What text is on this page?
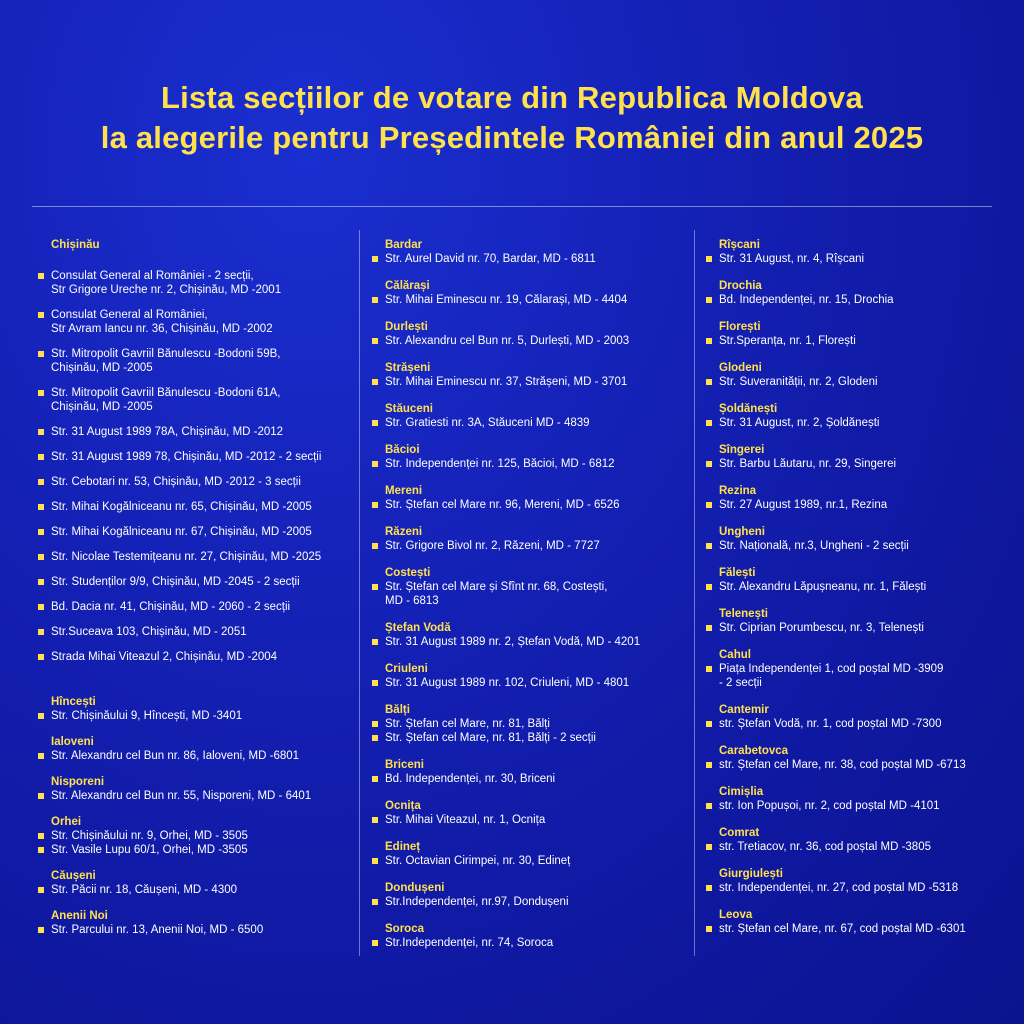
Lista secțiilor de votare din Republica Moldova
la alegerile pentru Președintele României din anul 2025
Chișinău
Consulat General al României - 2 secții,
Str Grigore Ureche nr. 2, Chișinău, MD -2001
Consulat General al României,
Str Avram Iancu nr. 36, Chișinău, MD -2002
Str. Mitropolit Gavriil Bănulescu -Bodoni 59B,
Chișinău, MD -2005
Str. Mitropolit Gavriil Bănulescu -Bodoni 61A,
Chișinău, MD -2005
Str. 31 August 1989 78A, Chișinău, MD -2012
Str. 31 August 1989 78, Chișinău, MD -2012 - 2 secții
Str. Cebotari nr. 53, Chișinău, MD -2012 - 3 secții
Str. Mihai Kogălniceanu nr. 65, Chișinău, MD -2005
Str. Mihai Kogălniceanu nr. 67, Chișinău, MD -2005
Str. Nicolae Testemițeanu nr. 27, Chișinău, MD -2025
Str. Studenților 9/9, Chișinău, MD -2045 - 2 secții
Bd. Dacia nr. 41, Chișinău, MD - 2060 - 2 secții
Str.Suceava 103, Chișinău, MD - 2051
Strada Mihai Viteazul 2, Chișinău, MD -2004
Hîncești
Str. Chișinăului 9, Hîncești, MD -3401
Ialoveni
Str. Alexandru cel Bun nr. 86, Ialoveni, MD -6801
Nisporeni
Str. Alexandru cel Bun nr. 55, Nisporeni, MD - 6401
Orhei
Str. Chișinăului nr. 9, Orhei, MD - 3505
Str. Vasile Lupu 60/1, Orhei, MD -3505
Căușeni
Str. Păcii nr. 18, Căușeni, MD - 4300
Anenii Noi
Str. Parcului nr. 13, Anenii Noi, MD - 6500
Bardar
Str. Aurel David nr. 70, Bardar, MD - 6811
Călărași
Str. Mihai Eminescu nr. 19, Călarași, MD - 4404
Durlești
Str. Alexandru cel Bun nr. 5, Durlești, MD - 2003
Strășeni
Str. Mihai Eminescu nr. 37, Strășeni, MD - 3701
Stăuceni
Str. Gratiesti nr. 3A, Stăuceni MD - 4839
Băcioi
Str. Independenței nr. 125, Băcioi, MD - 6812
Mereni
Str. Ștefan cel Mare nr. 96, Mereni, MD - 6526
Răzeni
Str. Grigore Bivol nr. 2, Răzeni, MD - 7727
Costești
Str. Ștefan cel Mare și Sfînt nr. 68, Costești,
MD - 6813
Ștefan Vodă
Str. 31 August 1989 nr. 2, Ștefan Vodă, MD - 4201
Criuleni
Str. 31 August 1989 nr. 102, Criuleni, MD - 4801
Bălți
Str. Ștefan cel Mare, nr. 81, Bălți
Str. Ștefan cel Mare, nr. 81, Bălți - 2 secții
Briceni
Bd. Independenței, nr. 30, Briceni
Ocnița
Str. Mihai Viteazul, nr. 1, Ocnița
Edineț
Str. Octavian Cirimpei, nr. 30, Edineț
Dondușeni
Str.Independenței, nr.97, Dondușeni
Soroca
Str.Independenței, nr. 74, Soroca
Rîșcani
Str. 31 August, nr. 4, Rîșcani
Drochia
Bd. Independenței, nr. 15, Drochia
Florești
Str.Speranța, nr. 1, Florești
Glodeni
Str. Suveranității, nr. 2, Glodeni
Șoldănești
Str. 31 August, nr. 2, Șoldănești
Sîngerei
Str. Barbu Lăutaru, nr. 29, Singerei
Rezina
Str. 27 August 1989, nr.1, Rezina
Ungheni
Str. Națională, nr.3, Ungheni - 2 secții
Fălești
Str. Alexandru Lăpușneanu, nr. 1, Fălești
Telenești
Str. Ciprian Porumbescu, nr. 3, Telenești
Cahul
Piața Independenței 1, cod poștal MD -3909
- 2 secții
Cantemir
str. Ștefan Vodă, nr. 1, cod poștal MD -7300
Carabetovca
str. Ștefan cel Mare, nr. 38, cod poștal MD -6713
Cimișlia
str. Ion Popușoi, nr. 2, cod poștal MD -4101
Comrat
str. Tretiacov, nr. 36, cod poștal MD -3805
Giurgiulești
str. Independenței, nr. 27, cod poștal MD -5318
Leova
str. Ștefan cel Mare, nr. 67, cod poștal MD -6301
